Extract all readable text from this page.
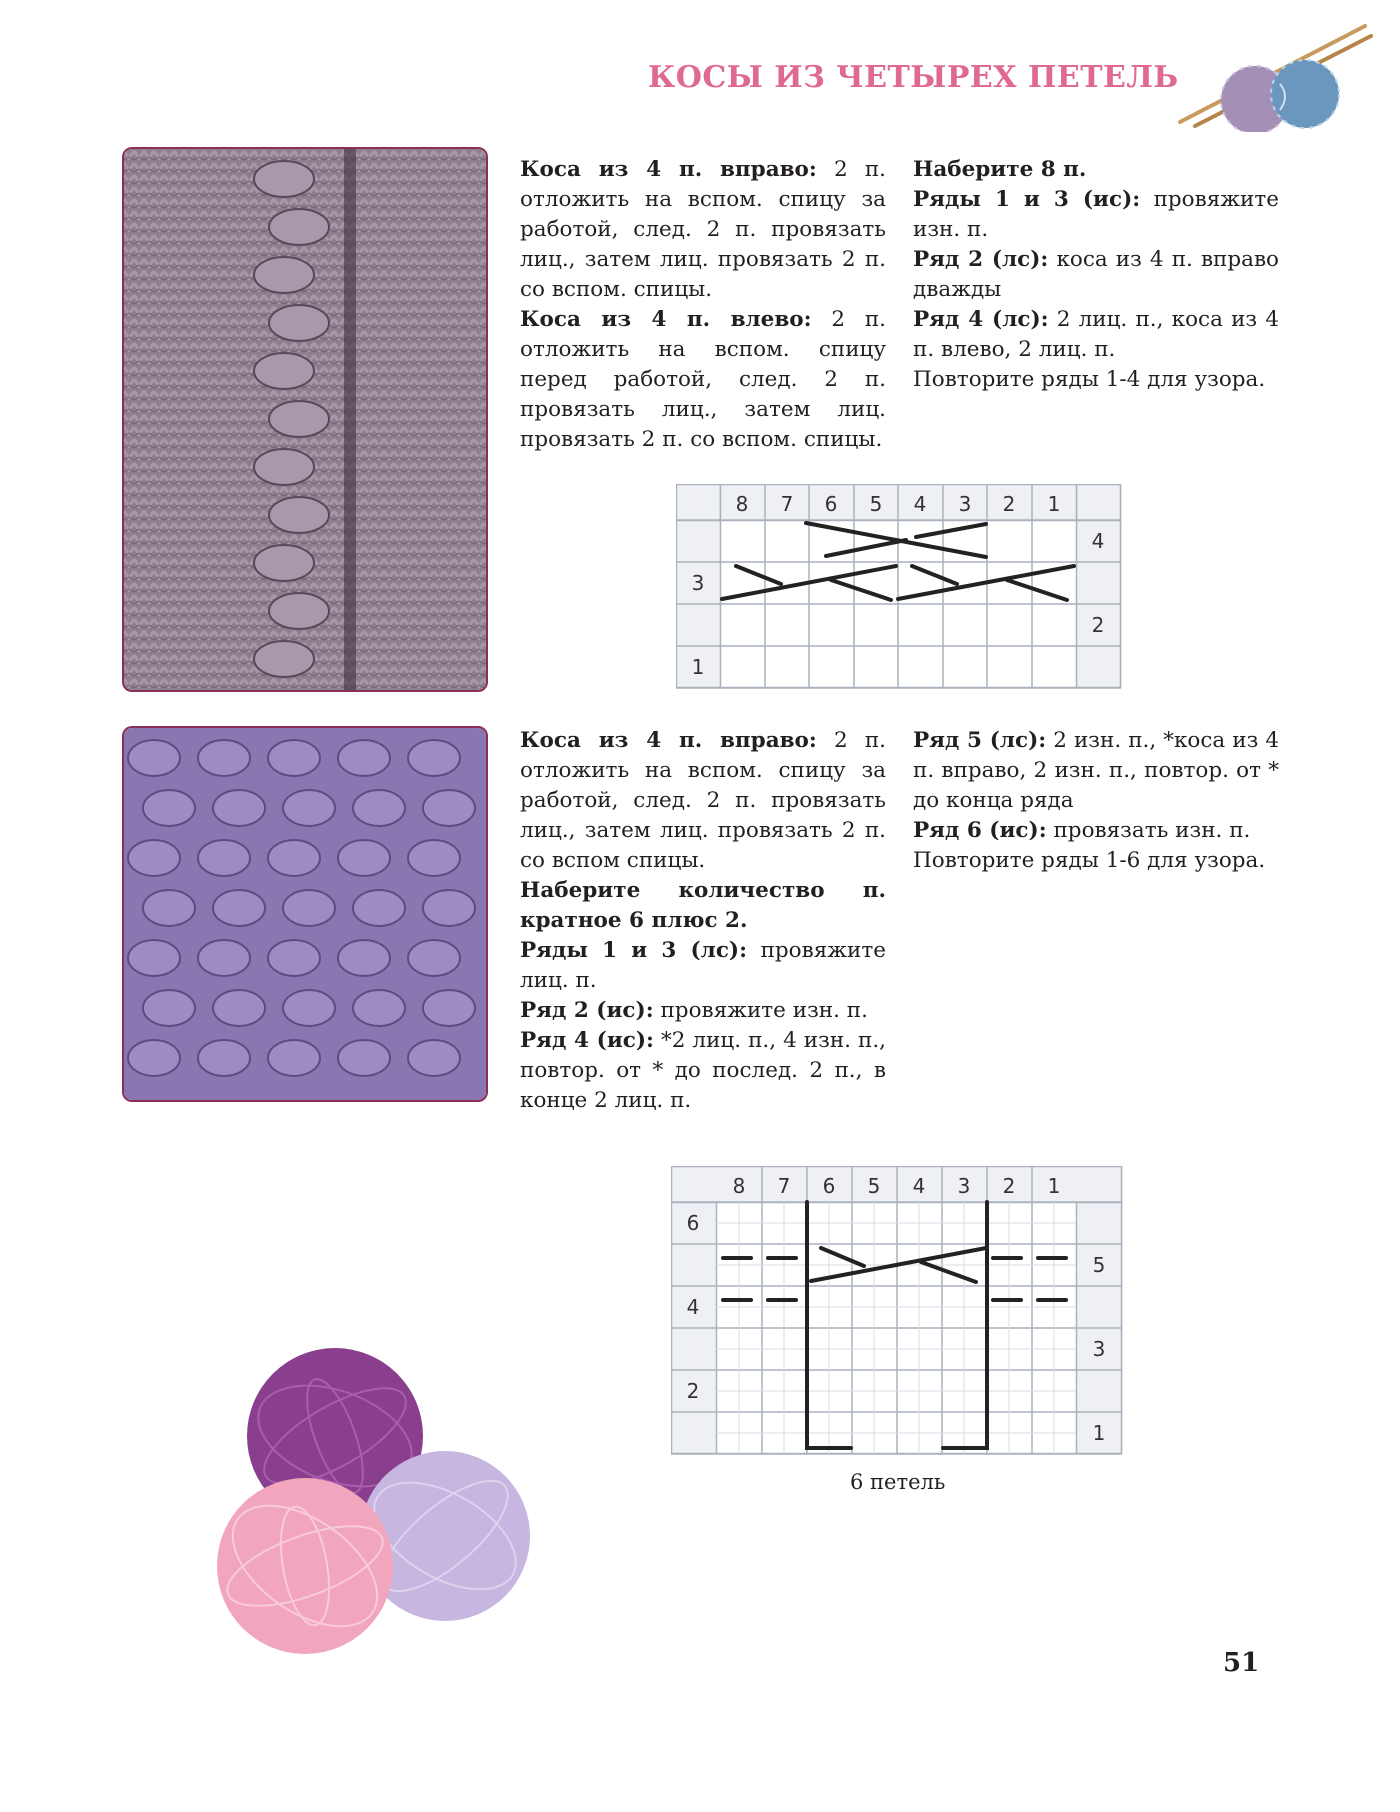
КОСЫ ИЗ ЧЕТЫРЕХ ПЕТЕЛЬ

Коса из 4 п. вправо: 2 п. отложить на вспом. спицу за работой, след. 2 п. провязать лиц., затем лиц. провязать 2 п. со вспом. спицы.

Коса из 4 п. влево: 2 п. отложить на вспом. спицу перед работой, след. 2 п. провязать лиц., затем лиц. провязать 2 п. со вспом. спицы.

Наберите 8 п.

Ряды 1 и 3 (ис): провяжите изн. п.

Ряд 2 (лс): коса из 4 п. вправо дважды

Ряд 4 (лс): 2 лиц. п., коса из 4 п. влево, 2 лиц. п.

Повторите ряды 1-4 для узора.

8 7 6 5 4 3 2 1
4
3
2
1

Коса из 4 п. вправо: 2 п. отложить на вспом. спицу за работой, след. 2 п. провязать лиц., затем лиц. провязать 2 п. со вспом спицы.

Наберите количество п. кратное 6 плюс 2.

Ряды 1 и 3 (лс): провяжите лиц. п.

Ряд 2 (ис): провяжите изн. п.

Ряд 4 (ис): *2 лиц. п., 4 изн. п., повтор. от * до послед. 2 п., в конце 2 лиц. п.

Ряд 5 (лс): 2 изн. п., *коса из 4 п. вправо, 2 изн. п., повтор. от * до конца ряда

Ряд 6 (ис): провязать изн. п.

Повторите ряды 1-6 для узора.

8 7 6 5 4 3 2 1
6
5
4
3
2
1
6 петель
51
